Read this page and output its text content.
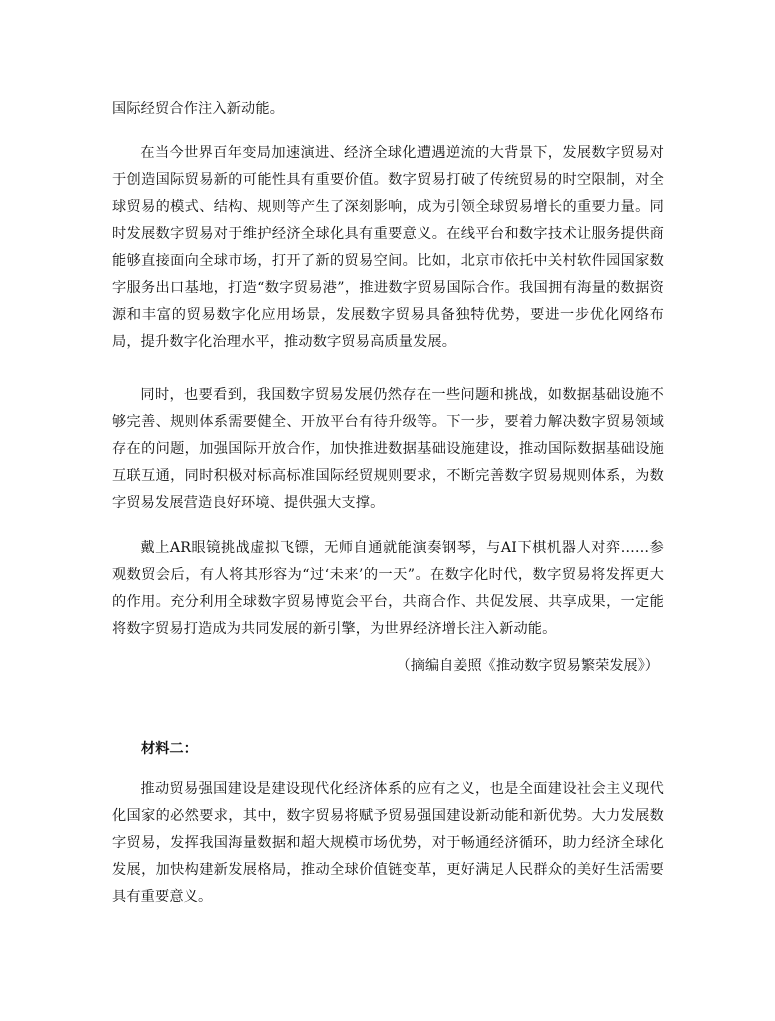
国际经贸合作注入新动能。

在当今世界百年变局加速演进、经济全球化遭遇逆流的大背景下，发展数字贸易对于创造国际贸易新的可能性具有重要价值。数字贸易打破了传统贸易的时空限制，对全球贸易的模式、结构、规则等产生了深刻影响，成为引领全球贸易增长的重要力量。同时发展数字贸易对于维护经济全球化具有重要意义。在线平台和数字技术让服务提供商能够直接面向全球市场，打开了新的贸易空间。比如，北京市依托中关村软件园国家数字服务出口基地，打造“数字贸易港”，推进数字贸易国际合作。我国拥有海量的数据资源和丰富的贸易数字化应用场景，发展数字贸易具备独特优势，要进一步优化网络布局，提升数字化治理水平，推动数字贸易高质量发展。

同时，也要看到，我国数字贸易发展仍然存在一些问题和挑战，如数据基础设施不够完善、规则体系需要健全、开放平台有待升级等。下一步，要着力解决数字贸易领域存在的问题，加强国际开放合作，加快推进数据基础设施建设，推动国际数据基础设施互联互通，同时积极对标高标准国际经贸规则要求，不断完善数字贸易规则体系，为数字贸易发展营造良好环境、提供强大支撑。

戴上AR眼镜挑战虚拟飞镖，无师自通就能演奏钢琴，与AI下棋机器人对弈……参观数贸会后，有人将其形容为“过‘未来’的一天”。在数字化时代，数字贸易将发挥更大的作用。充分利用全球数字贸易博览会平台，共商合作、共促发展、共享成果，一定能将数字贸易打造成为共同发展的新引擎，为世界经济增长注入新动能。

（摘编自姜照《推动数字贸易繁荣发展》）

材料二：

推动贸易强国建设是建设现代化经济体系的应有之义，也是全面建设社会主义现代化国家的必然要求，其中，数字贸易将赋予贸易强国建设新动能和新优势。大力发展数字贸易，发挥我国海量数据和超大规模市场优势，对于畅通经济循环，助力经济全球化发展，加快构建新发展格局，推动全球价值链变革，更好满足人民群众的美好生活需要具有重要意义。
